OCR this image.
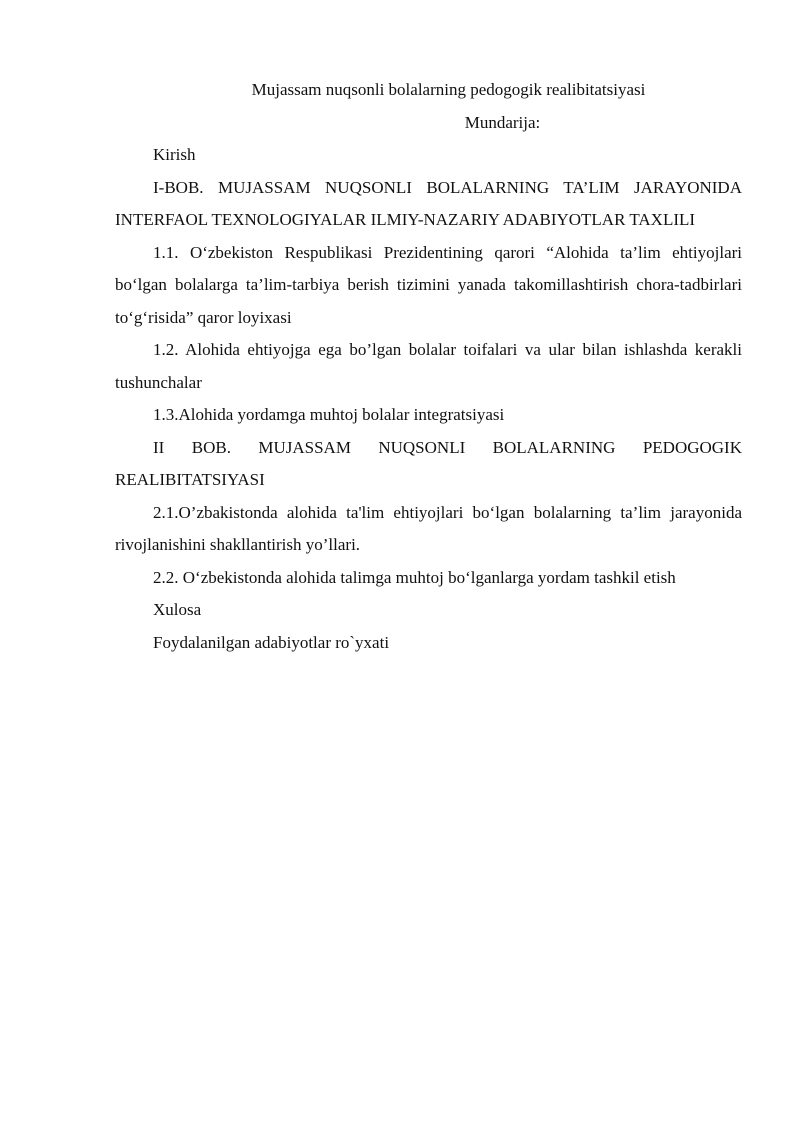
Mujassam nuqsonli bolalarning pedogogik realibitatsiyasi

Mundarija:

Kirish

I-BOB. MUJASSAM NUQSONLI BOLALARNING TA’LIM JARAYONIDA INTERFAOL TEXNOLOGIYALAR ILMIY-NAZARIY ADABIYOTLAR TAXLILI

1.1. O‘zbekiston Respublikasi Prezidentining qarori “Alohida ta’lim ehtiyojlari bo‘lgan bolalarga ta’lim-tarbiya berish tizimini yanada takomillashtirish chora-tadbirlari to‘g‘risida” qaror loyixasi

1.2. Alohida ehtiyojga ega bo’lgan bolalar toifalari va ular bilan ishlashda kerakli tushunchalar

1.3.Alohida yordamga muhtoj bolalar integratsiyasi

II BOB. MUJASSAM NUQSONLI BOLALARNING PEDOGOGIK REALIBITATSIYASI

2.1.O’zbakistonda alohida ta'lim ehtiyojlari bo‘lgan bolalarning ta’lim jarayonida rivojlanishini shakllantirish yo’llari.

2.2. O‘zbekistonda alohida talimga muhtoj bo‘lganlarga yordam tashkil etish

Xulosa

Foydalanilgan adabiyotlar ro`yxati
